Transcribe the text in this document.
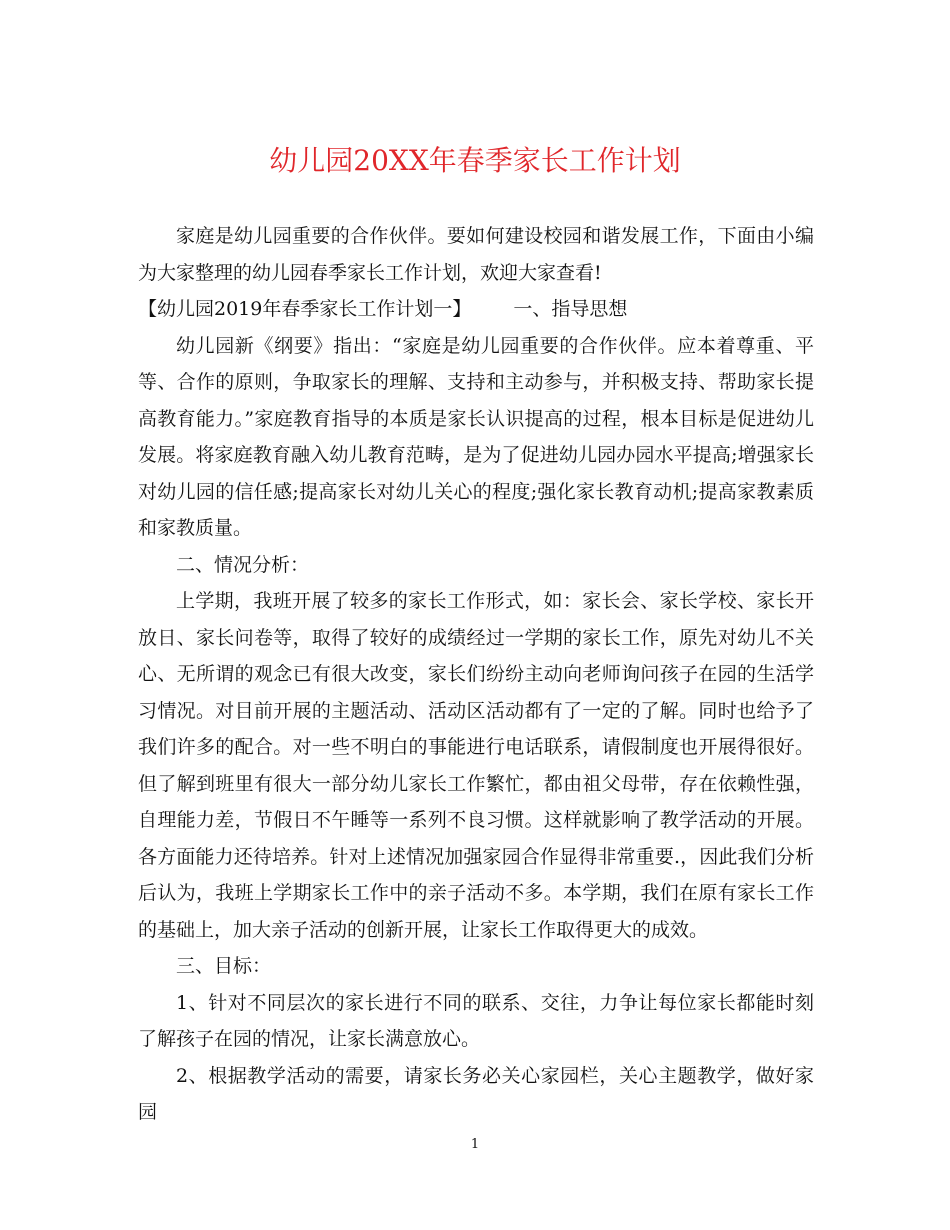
幼儿园20XX年春季家长工作计划

家庭是幼儿园重要的合作伙伴。要如何建设校园和谐发展工作，下面由小编为大家整理的幼儿园春季家长工作计划，欢迎大家查看!

【幼儿园2019年春季家长工作计划一】 一、指导思想

幼儿园新《纲要》指出：“家庭是幼儿园重要的合作伙伴。应本着尊重、平等、合作的原则，争取家长的理解、支持和主动参与，并积极支持、帮助家长提高教育能力。”家庭教育指导的本质是家长认识提高的过程，根本目标是促进幼儿发展。将家庭教育融入幼儿教育范畴，是为了促进幼儿园办园水平提高;增强家长对幼儿园的信任感;提高家长对幼儿关心的程度;强化家长教育动机;提高家教素质和家教质量。

二、情况分析：

上学期，我班开展了较多的家长工作形式，如：家长会、家长学校、家长开放日、家长问卷等，取得了较好的成绩经过一学期的家长工作，原先对幼儿不关心、无所谓的观念已有很大改变，家长们纷纷主动向老师询问孩子在园的生活学习情况。对目前开展的主题活动、活动区活动都有了一定的了解。同时也给予了我们许多的配合。对一些不明白的事能进行电话联系，请假制度也开展得很好。但了解到班里有很大一部分幼儿家长工作繁忙，都由祖父母带，存在依赖性强，自理能力差，节假日不午睡等一系列不良习惯。这样就影响了教学活动的开展。各方面能力还待培养。针对上述情况加强家园合作显得非常重要.，因此我们分析后认为，我班上学期家长工作中的亲子活动不多。本学期，我们在原有家长工作的基础上，加大亲子活动的创新开展，让家长工作取得更大的成效。

三、目标：

1、针对不同层次的家长进行不同的联系、交往，力争让每位家长都能时刻了解孩子在园的情况，让家长满意放心。

2、根据教学活动的需要，请家长务必关心家园栏，关心主题教学，做好家园

1
